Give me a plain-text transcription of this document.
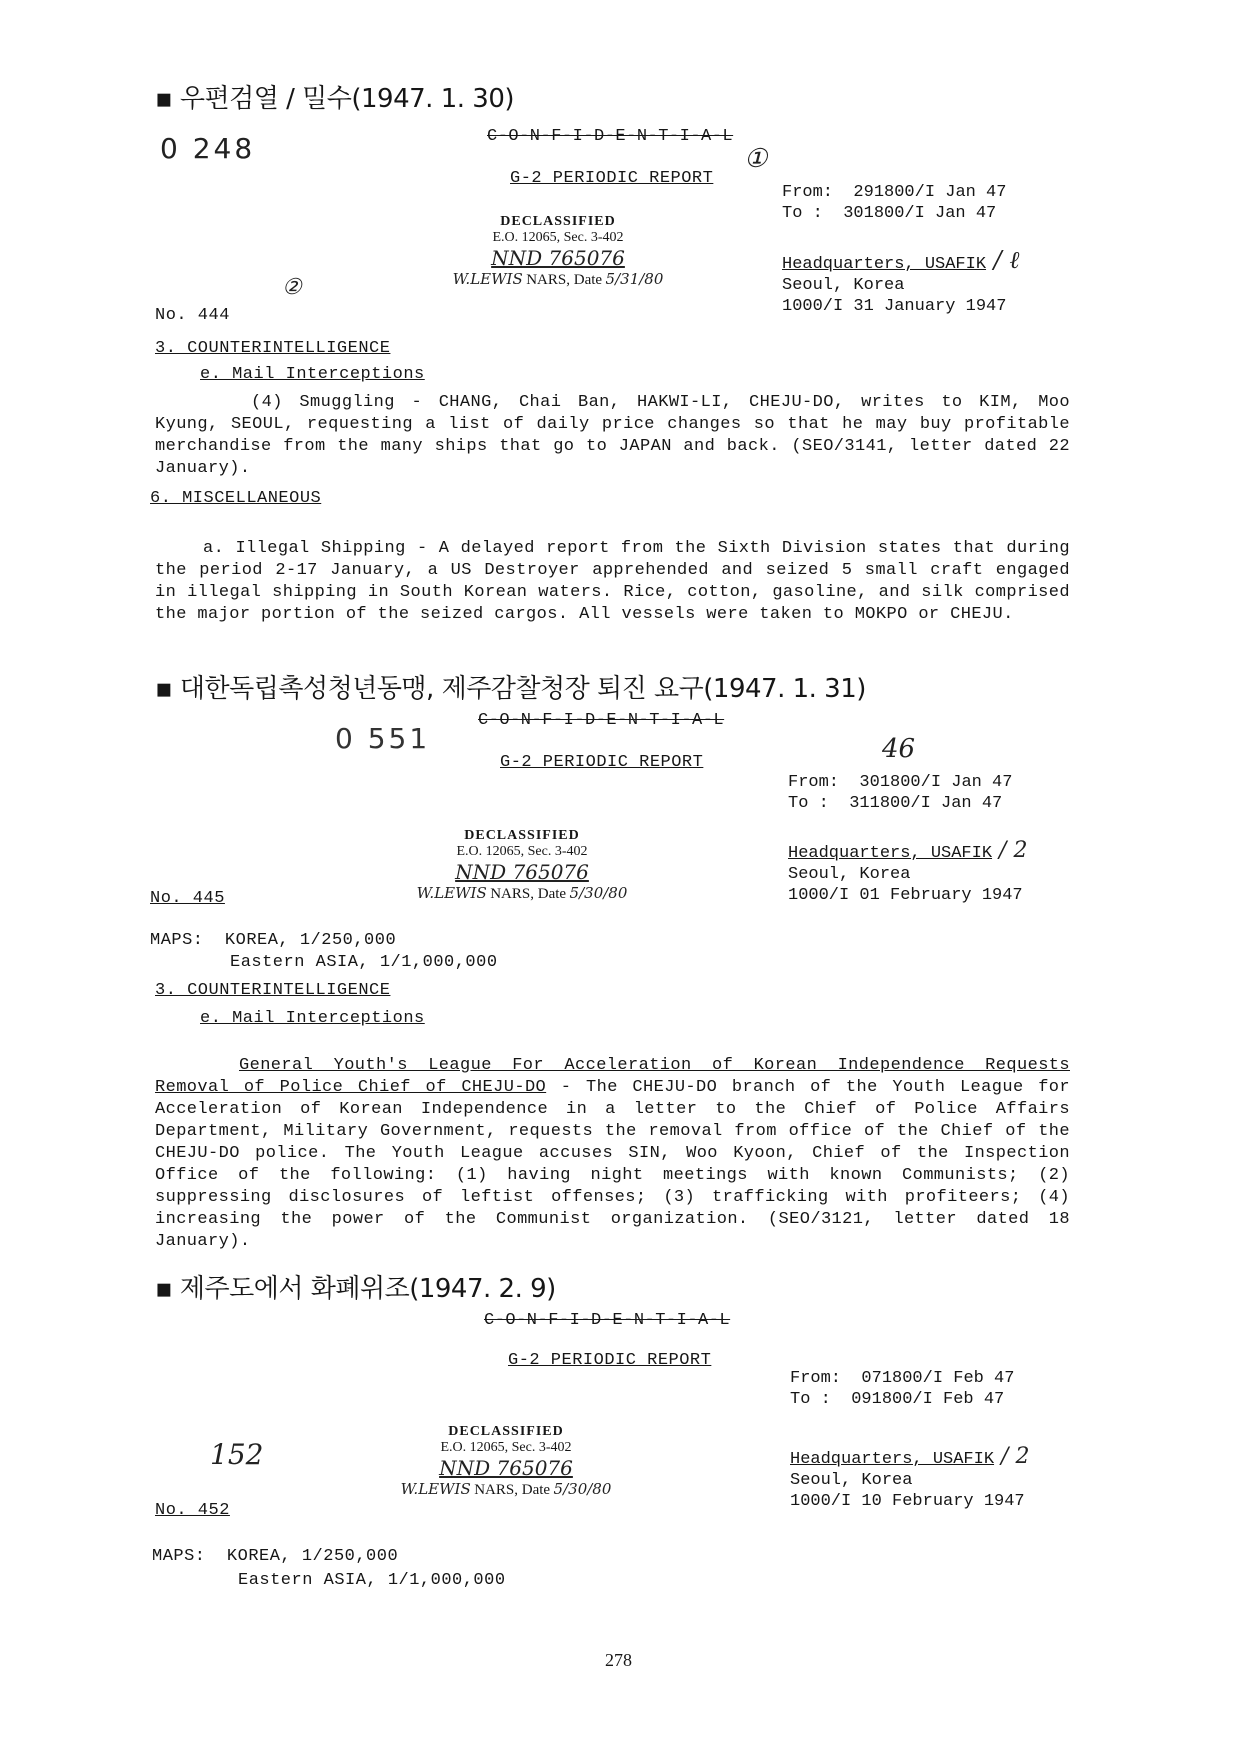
▪ 우편검열 / 밀수(1947. 1. 30)
0 248	C-O-N-F-I-D-E-N-T-I-A-L
G-2 PERIODIC REPORT
①
From: 291800/I Jan 47
To : 301800/I Jan 47
Headquarters, USAFIK / ℓ
Seoul, Korea
1000/I 31 January 1947
DECLASSIFIED
E.O. 12065, Sec. 3-402
NND 765076
W.LEWIS NARS, Date 5/31/80
No. 444
②
3. COUNTERINTELLIGENCE
e. Mail Interceptions
(4) Smuggling - CHANG, Chai Ban, HAKWI-LI, CHEJU-DO, writes to KIM, Moo Kyung, SEOUL, requesting a list of daily price changes so that he may buy profitable merchandise from the many ships that go to JAPAN and back. (SEO/3141, letter dated 22 January).
6. MISCELLANEOUS
a. Illegal Shipping - A delayed report from the Sixth Division states that during the period 2-17 January, a US Destroyer apprehended and seized 5 small craft engaged in illegal shipping in South Korean waters. Rice, cotton, gasoline, and silk comprised the major portion of the seized cargos. All vessels were taken to MOKPO or CHEJU.
▪ 대한독립촉성청년동맹, 제주감찰청장 퇴진 요구(1947. 1. 31)
0 551
C-O-N-F-I-D-E-N-T-I-A-L
G-2 PERIODIC REPORT	46
From: 301800/I Jan 47
To : 311800/I Jan 47
Headquarters, USAFIK / 2
Seoul, Korea
1000/I 01 February 1947
DECLASSIFIED
E.O. 12065, Sec. 3-402
NND 765076
W.LEWIS NARS, Date 5/30/80
No. 445
MAPS: KOREA, 1/250,000
Eastern ASIA, 1/1,000,000
3. COUNTERINTELLIGENCE
e. Mail Interceptions
General Youth's League For Acceleration of Korean Independence Requests Removal of Police Chief of CHEJU-DO - The CHEJU-DO branch of the Youth League for Acceleration of Korean Independence in a letter to the Chief of Police Affairs Department, Military Government, requests the removal from office of the Chief of the CHEJU-DO police. The Youth League accuses SIN, Woo Kyoon, Chief of the Inspection Office of the following: (1) having night meetings with known Communists; (2) suppressing disclosures of leftist offenses; (3) trafficking with profiteers; (4) increasing the power of the Communist organization. (SEO/3121, letter dated 18 January).
▪ 제주도에서 화폐위조(1947. 2. 9)
C-O-N-F-I-D-E-N-T-I-A-L
G-2 PERIODIC REPORT
From: 071800/I Feb 47
To : 091800/I Feb 47
Headquarters, USAFIK / 2
Seoul, Korea
1000/I 10 February 1947
152
DECLASSIFIED
E.O. 12065, Sec. 3-402
NND 765076
W.LEWIS NARS, Date 5/30/80
No. 452
MAPS: KOREA, 1/250,000
Eastern ASIA, 1/1,000,000
278
